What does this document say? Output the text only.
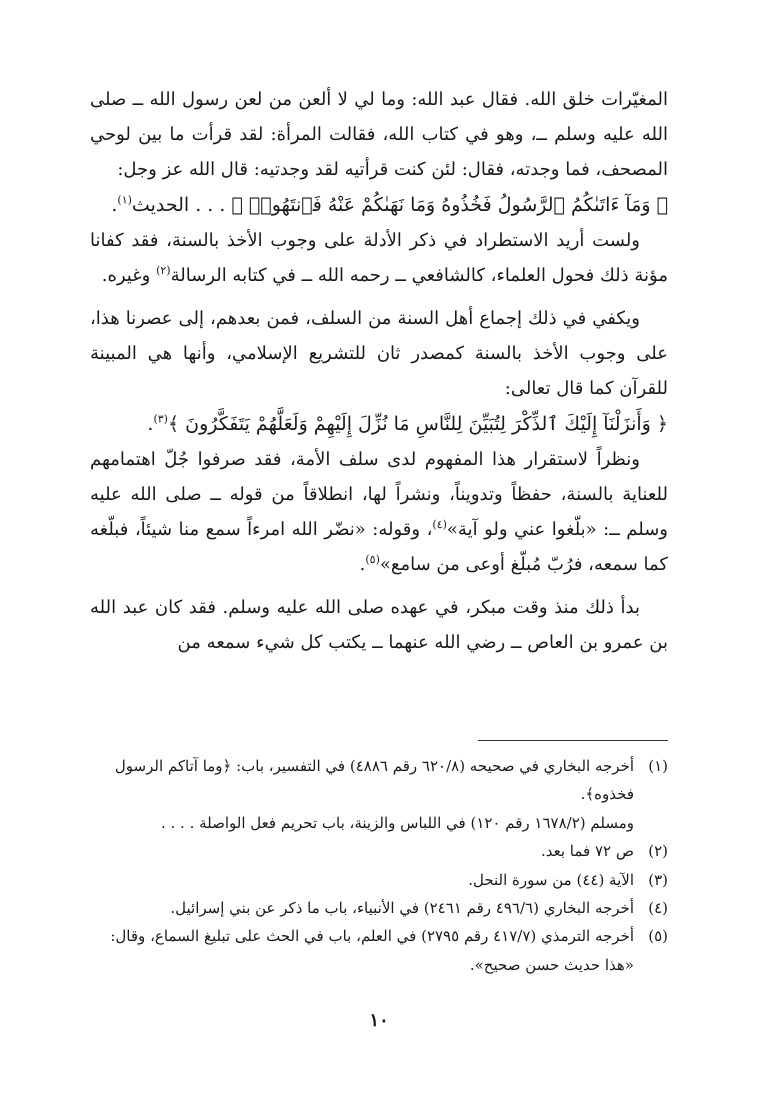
المغيّرات خلق الله. فقال عبد الله: وما لي لا ألعن من لعن رسول الله ــ صلى الله عليه وسلم ــ، وهو في كتاب الله، فقالت المرأة: لقد قرأت ما بين لوحي المصحف، فما وجدته، فقال: لئن كنت قرأتيه لقد وجدتيه: قال الله عز وجل:

﴿ وَمَآ ءَاتَىٰكُمُ ٱلرَّسُولُ فَخُذُوهُ وَمَا نَهَىٰكُمْ عَنْهُ فَٱنتَهُوا۟ ﴾ . . . الحديث$^{(١)}$.

ولست أريد الاستطراد في ذكر الأدلة على وجوب الأخذ بالسنة، فقد كفانا مؤنة ذلك فحول العلماء، كالشافعي ــ رحمه الله ــ في كتابه الرسالة$^{(٢)}$ وغيره.

ويكفي في ذلك إجماع أهل السنة من السلف، فمن بعدهم، إلى عصرنا هذا، على وجوب الأخذ بالسنة كمصدر ثان للتشريع الإسلامي، وأنها هي المبينة للقرآن كما قال تعالى:

﴿ وَأَنزَلْنَآ إِلَيْكَ ٱلذِّكْرَ لِتُبَيِّنَ لِلنَّاسِ مَا نُزِّلَ إِلَيْهِمْ وَلَعَلَّهُمْ يَتَفَكَّرُونَ ﴾$^{(٣)}$.

ونظراً لاستقرار هذا المفهوم لدى سلف الأمة، فقد صرفوا جُلّ اهتمامهم للعناية بالسنة، حفظاً وتدويناً، ونشراً لها، انطلاقاً من قوله ــ صلى الله عليه وسلم ــ: «بلّغوا عني ولو آية»$^{(٤)}$، وقوله: «نضّر الله امرءاً سمع منا شيئاً، فبلّغه كما سمعه، فرُبّ مُبلّغ أوعى من سامع»$^{(٥)}$.

بدأ ذلك منذ وقت مبكر، في عهده صلى الله عليه وسلم. فقد كان عبد الله بن عمرو بن العاص ــ رضي الله عنهما ــ يكتب كل شيء سمعه من

(١)
أخرجه البخاري في صحيحه (٦٢٠/٨ رقم ٤٨٨٦) في التفسير، باب: ﴿وما آتاكم الرسول فخذوه﴾.
ومسلم (١٦٧٨/٢ رقم ١٢٠) في اللباس والزينة، باب تحريم فعل الواصلة . . . .
(٢)
ص ٧٢ فما بعد.
(٣)
الآية (٤٤) من سورة النحل.
(٤)
أخرجه البخاري (٤٩٦/٦ رقم ٢٤٦١) في الأنبياء، باب ما ذكر عن بني إسرائيل.
(٥)
أخرجه الترمذي (٤١٧/٧ رقم ٢٧٩٥) في العلم، باب في الحث على تبليغ السماع، وقال: «هذا حديث حسن صحيح».
١٠
